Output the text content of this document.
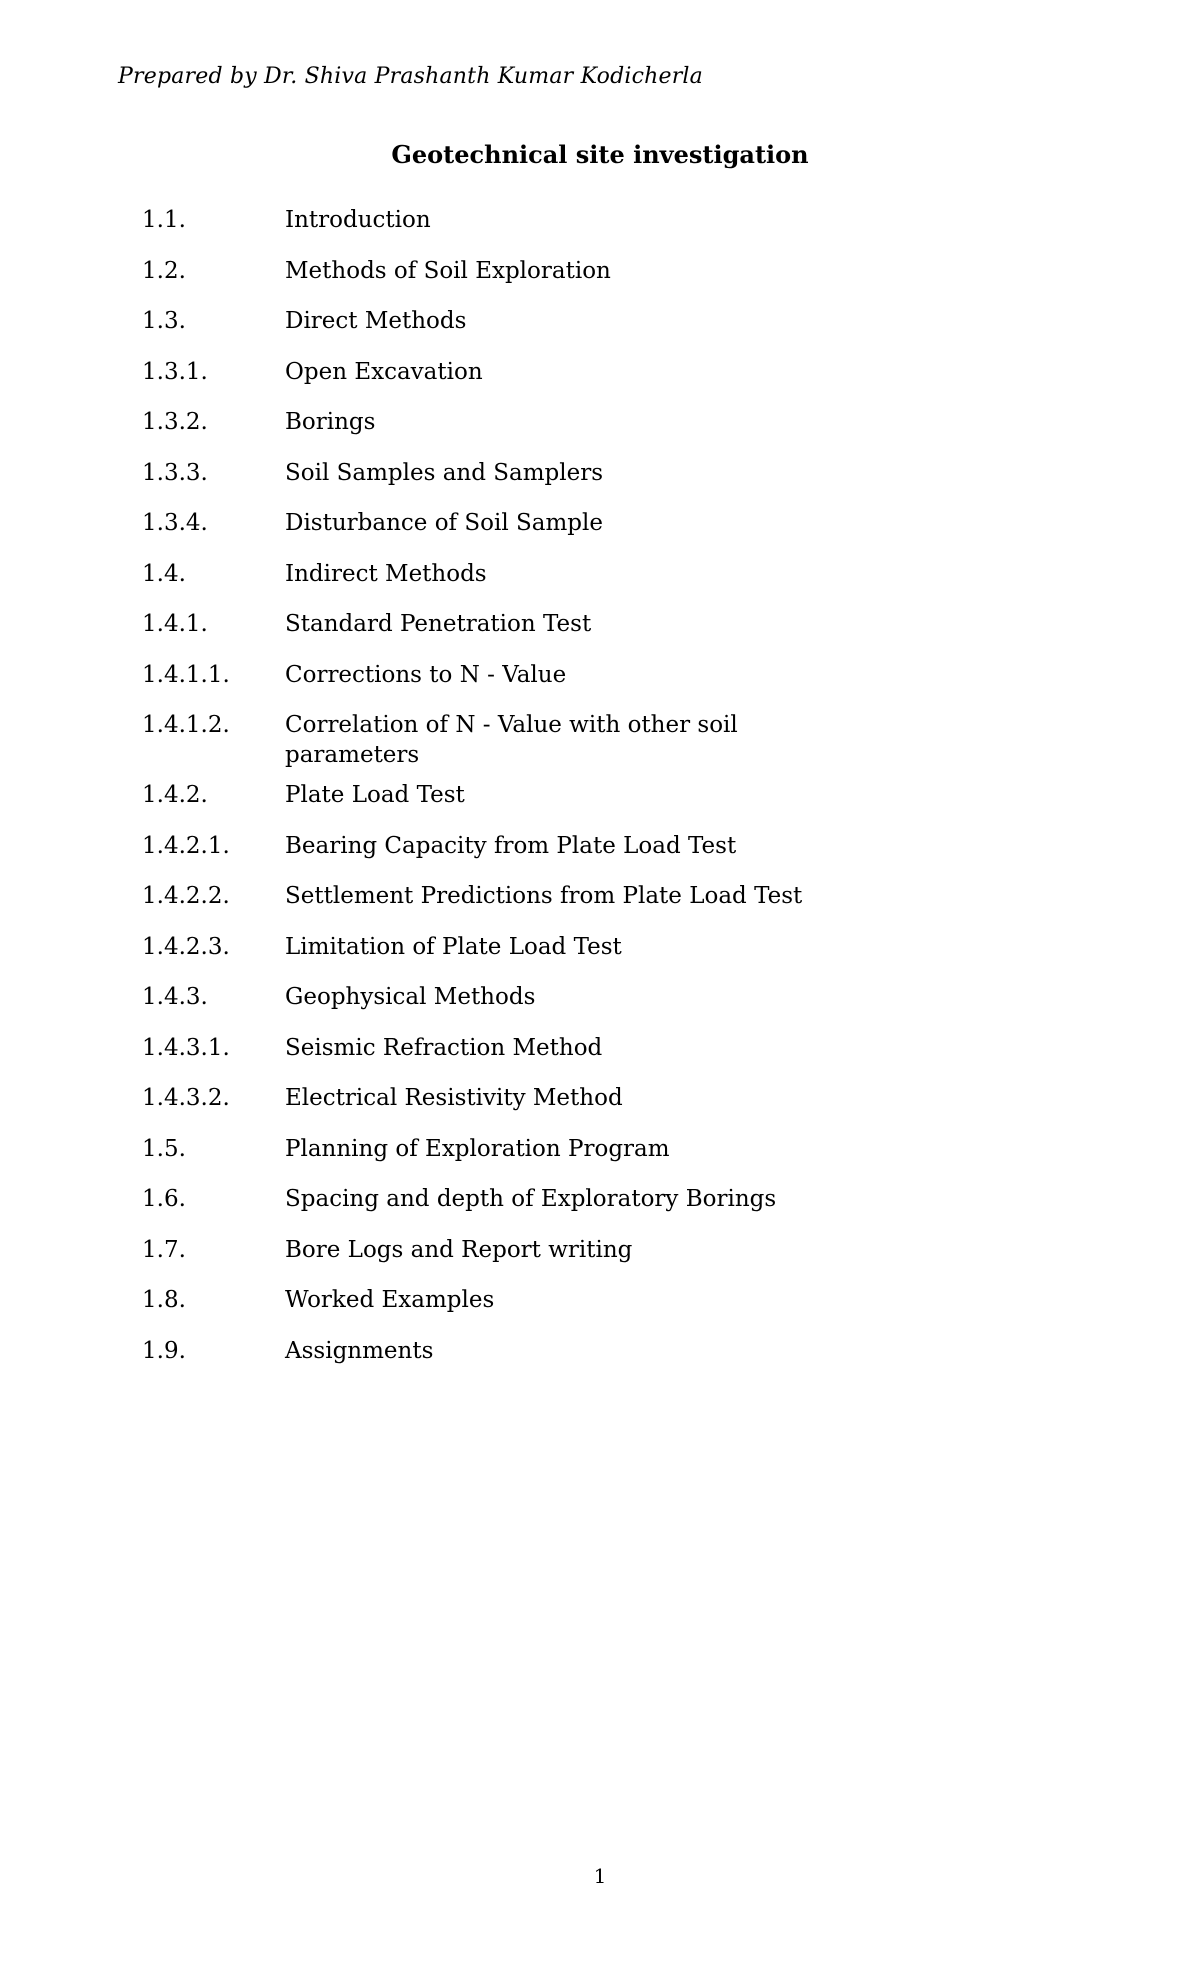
Prepared by Dr. Shiva Prashanth Kumar Kodicherla
Geotechnical site investigation
1.1.	Introduction
1.2.	Methods of Soil Exploration
1.3.	Direct Methods
1.3.1.	Open Excavation
1.3.2.	Borings
1.3.3.	Soil Samples and Samplers
1.3.4.	Disturbance of Soil Sample
1.4.	Indirect Methods
1.4.1.	Standard Penetration Test
1.4.1.1.	Corrections to N - Value
1.4.1.2.	Correlation of N - Value with other soil parameters
1.4.2.	Plate Load Test
1.4.2.1.	Bearing Capacity from Plate Load Test
1.4.2.2.	Settlement Predictions from Plate Load Test
1.4.2.3.	Limitation of Plate Load Test
1.4.3.	Geophysical Methods
1.4.3.1.	Seismic Refraction Method
1.4.3.2.	Electrical Resistivity Method
1.5.	Planning of Exploration Program
1.6.	Spacing and depth of Exploratory Borings
1.7.	Bore Logs and Report writing
1.8.	Worked Examples
1.9.	Assignments
1
